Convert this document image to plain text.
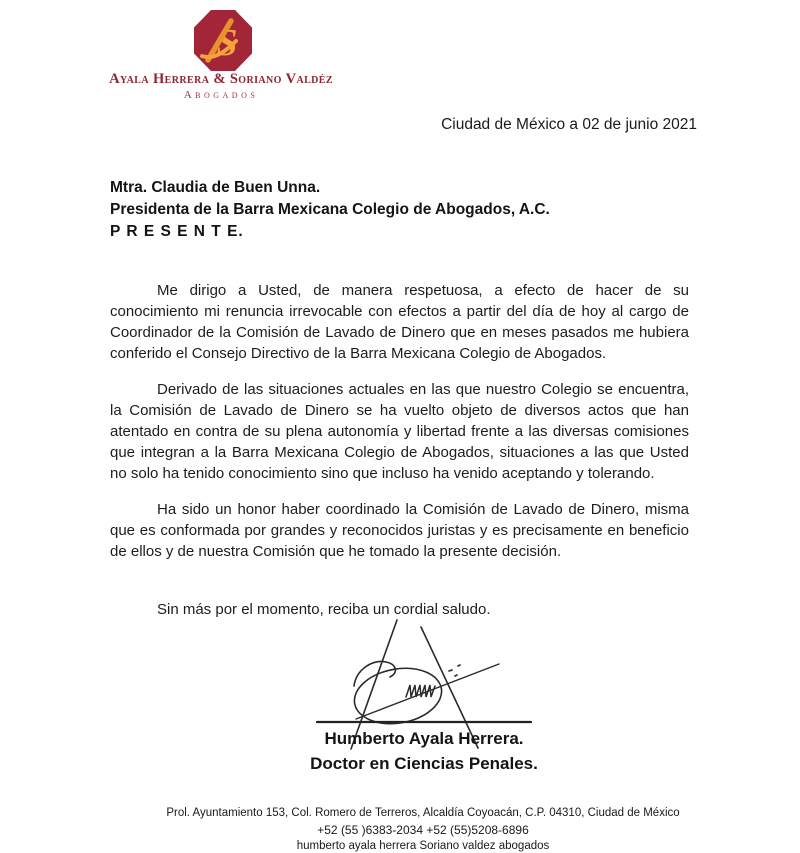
S
Ayala Herrera & Soriano Valdéz
Abogados
Ciudad de México a 02 de junio 2021
Mtra. Claudia de Buen Unna.
Presidenta de la Barra Mexicana Colegio de Abogados, A.C.
P R E S E N T E.

Me dirigo a Usted, de manera respetuosa, a efecto de hacer de su conocimiento mi renuncia irrevocable con efectos a partir del día de hoy al cargo de Coordinador de la Comisión de Lavado de Dinero que en meses pasados me hubiera conferido el Consejo Directivo de la Barra Mexicana Colegio de Abogados.

Derivado de las situaciones actuales en las que nuestro Colegio se encuentra, la Comisión de Lavado de Dinero se ha vuelto objeto de diversos actos que han atentado en contra de su plena autonomía y libertad frente a las diversas comisiones que integran a la Barra Mexicana Colegio de Abogados, situaciones a las que Usted no solo ha tenido conocimiento sino que incluso ha venido aceptando y tolerando.

Ha sido un honor haber coordinado la Comisión de Lavado de Dinero, misma que es conformada por grandes y reconocidos juristas y es precisamente en beneficio de ellos y de nuestra Comisión que he tomado la presente decisión.

Sin más por el momento, reciba un cordial saludo.

Humberto Ayala Herrera.
Doctor en Ciencias Penales.
Prol. Ayuntamiento 153, Col. Romero de Terreros, Alcaldía Coyoacán, C.P. 04310, Ciudad de México
+52 (55 )6383-2034 +52 (55)5208-6896
humberto ayala herrera Soriano valdez abogados
